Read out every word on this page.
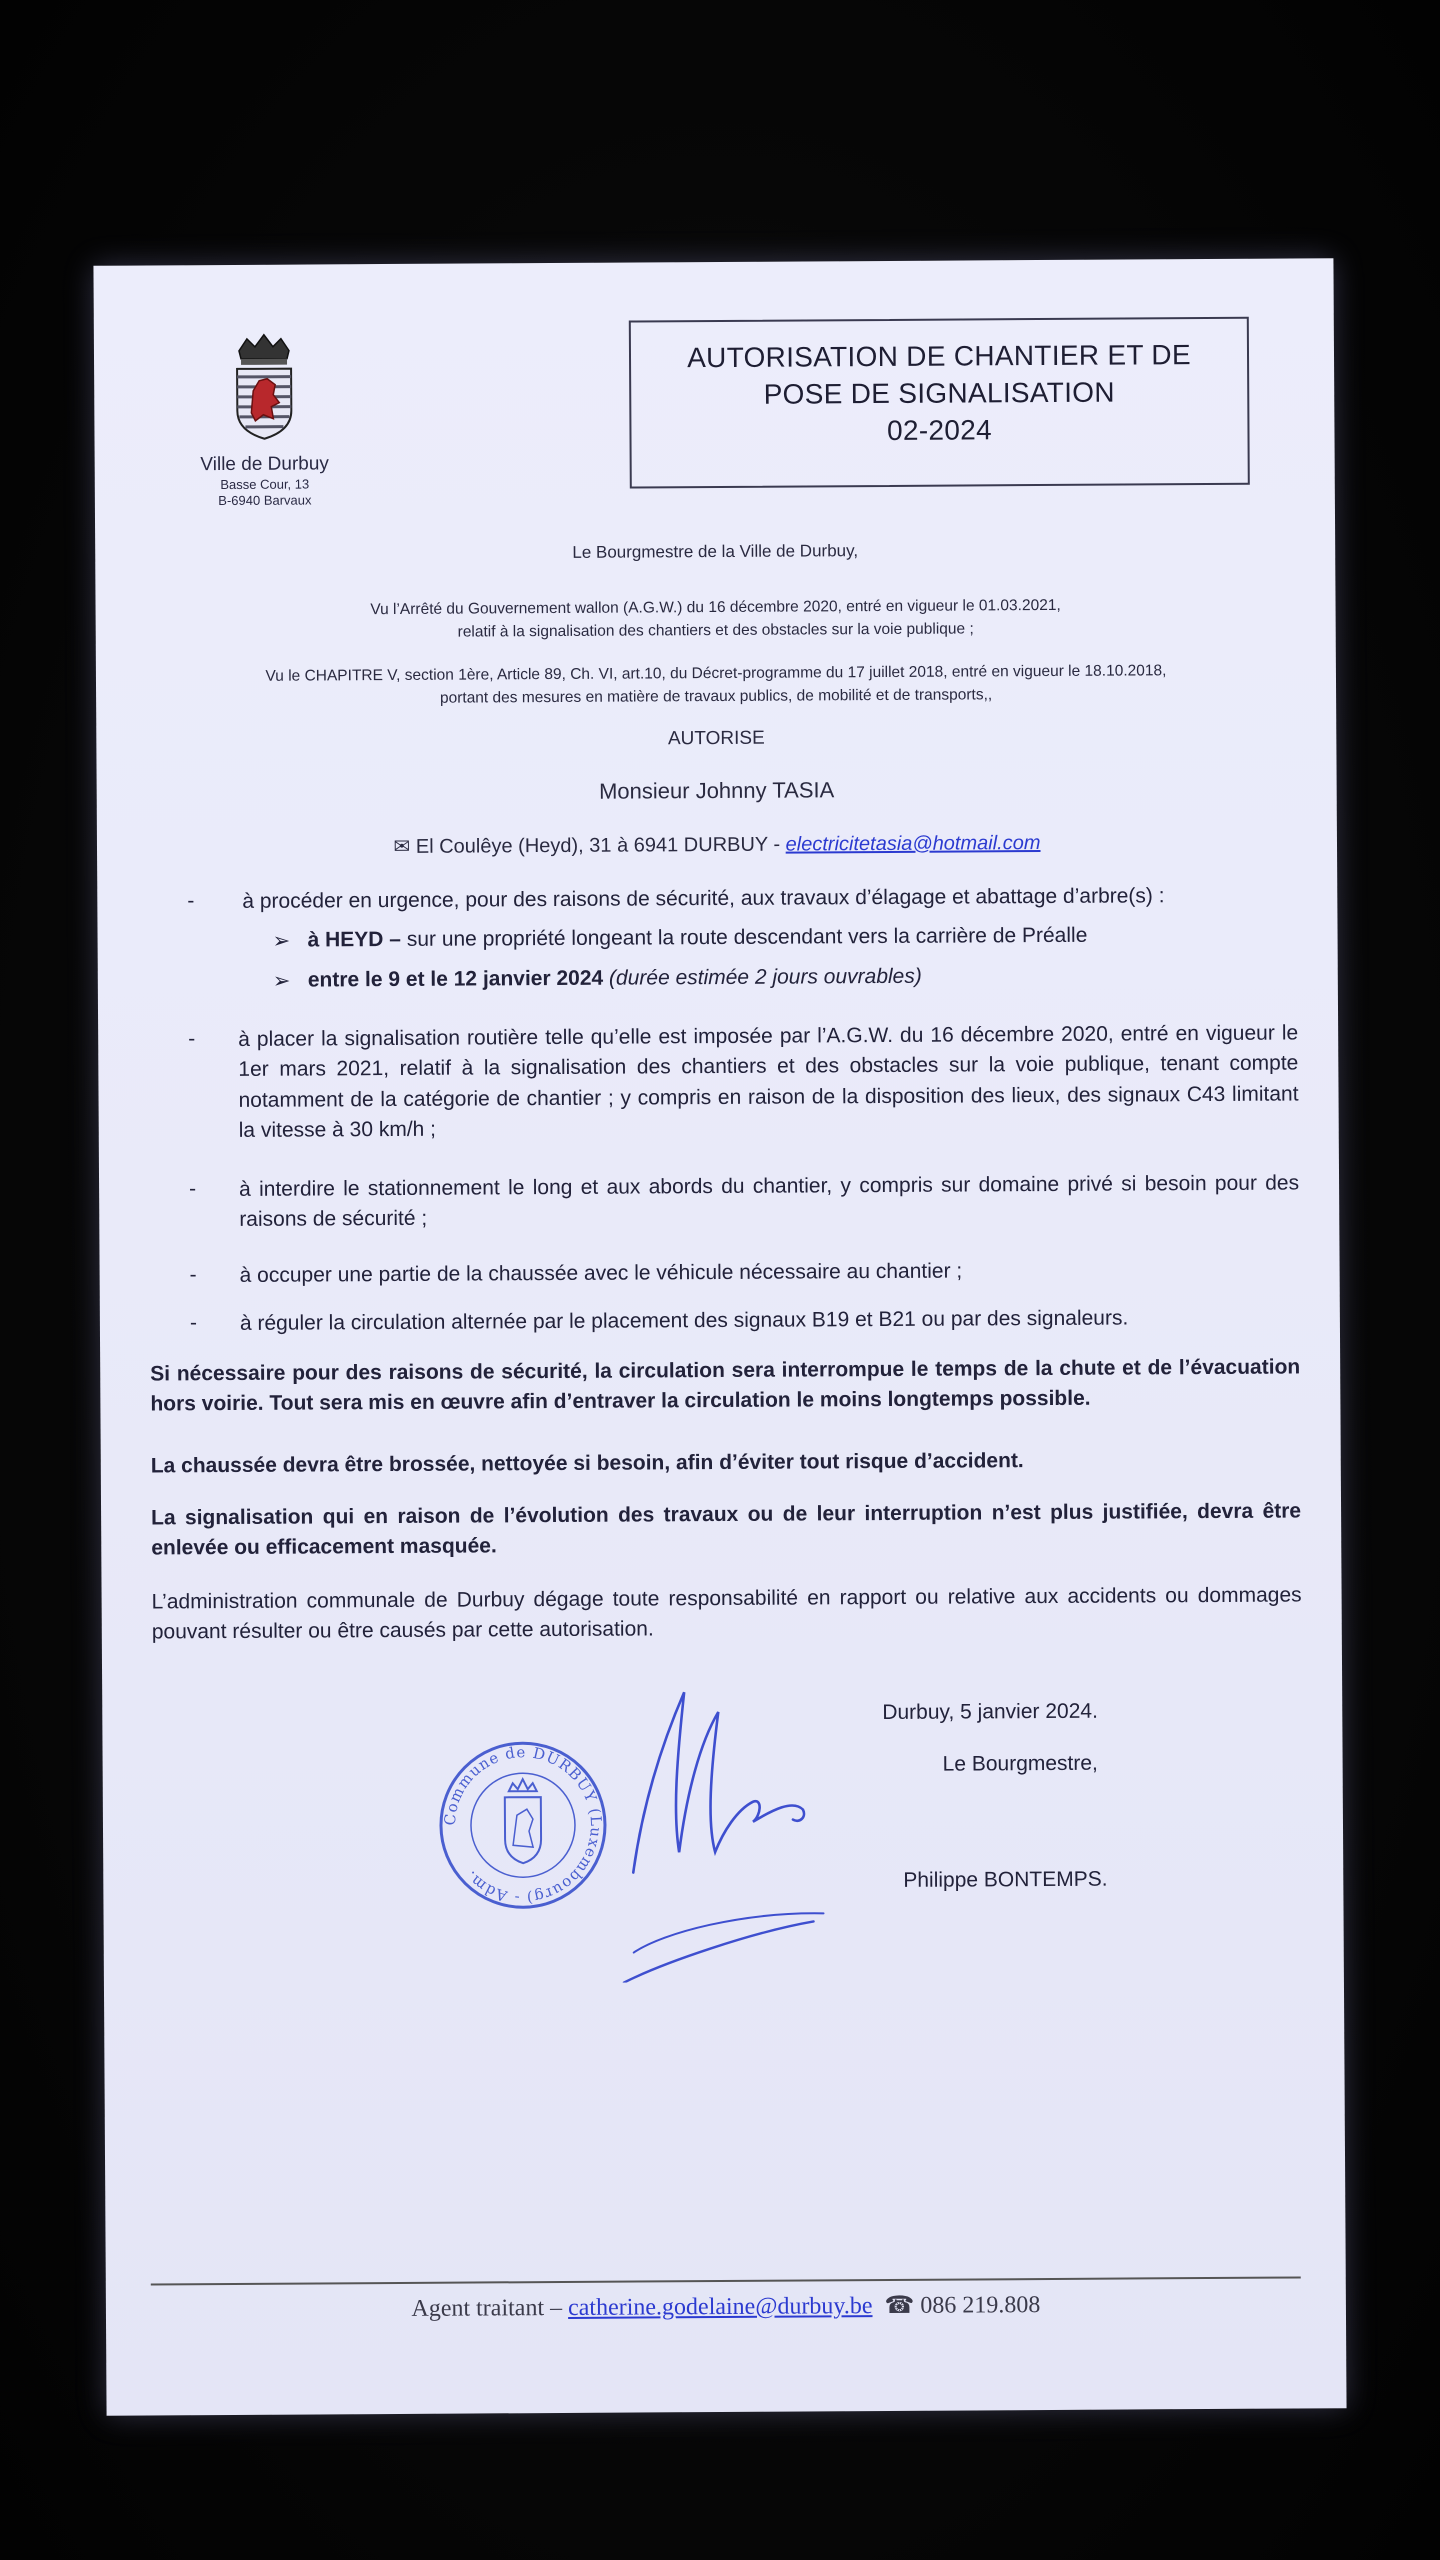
Ville de Durbuy
Basse Cour, 13
B-6940 Barvaux
AUTORISATION DE CHANTIER ET DE
POSE DE SIGNALISATION
02-2024
Le Bourgmestre de la Ville de Durbuy,
Vu l’Arrêté du Gouvernement wallon (A.G.W.) du 16 décembre 2020, entré en vigueur le 01.03.2021,
relatif à la signalisation des chantiers et des obstacles sur la voie publique ;
Vu le CHAPITRE V, section 1ère, Article 89, Ch. VI, art.10, du Décret-programme du 17 juillet 2018, entré en vigueur le 18.10.2018,
portant des mesures en matière de travaux publics, de mobilité et de transports,,
AUTORISE
Monsieur Johnny TASIA
✉ El Coulêye (Heyd), 31 à 6941 DURBUY - electricitetasia@hotmail.com
- à procéder en urgence, pour des raisons de sécurité, aux travaux d’élagage et abattage d’arbre(s) :
➢ à HEYD – sur une propriété longeant la route descendant vers la carrière de Préalle
➢ entre le 9 et le 12 janvier 2024 (durée estimée 2 jours ouvrables)
- à placer la signalisation routière telle qu’elle est imposée par l’A.G.W. du 16 décembre 2020, entré en vigueur le 1er mars 2021, relatif à la signalisation des chantiers et des obstacles sur la voie publique, tenant compte notamment de la catégorie de chantier ; y compris en raison de la disposition des lieux, des signaux C43 limitant la vitesse à 30 km/h ;
- à interdire le stationnement le long et aux abords du chantier, y compris sur domaine privé si besoin pour des raisons de sécurité ;
- à occuper une partie de la chaussée avec le véhicule nécessaire au chantier ;
- à réguler la circulation alternée par le placement des signaux B19 et B21 ou par des signaleurs.
Si nécessaire pour des raisons de sécurité, la circulation sera interrompue le temps de la chute et de l’évacuation hors voirie. Tout sera mis en œuvre afin d’entraver la circulation le moins longtemps possible.
La chaussée devra être brossée, nettoyée si besoin, afin d’éviter tout risque d’accident.
La signalisation qui en raison de l’évolution des travaux ou de leur interruption n’est plus justifiée, devra être enlevée ou efficacement masquée.
L’administration communale de Durbuy dégage toute responsabilité en rapport ou relative aux accidents ou dommages pouvant résulter ou être causés par cette autorisation.
Durbuy, 5 janvier 2024.
Le Bourgmestre,
Philippe BONTEMPS.
Commune de DURBUY (Luxembourg) - Adm.
Agent traitant – catherine.godelaine@durbuy.be ☎ 086 219.808
